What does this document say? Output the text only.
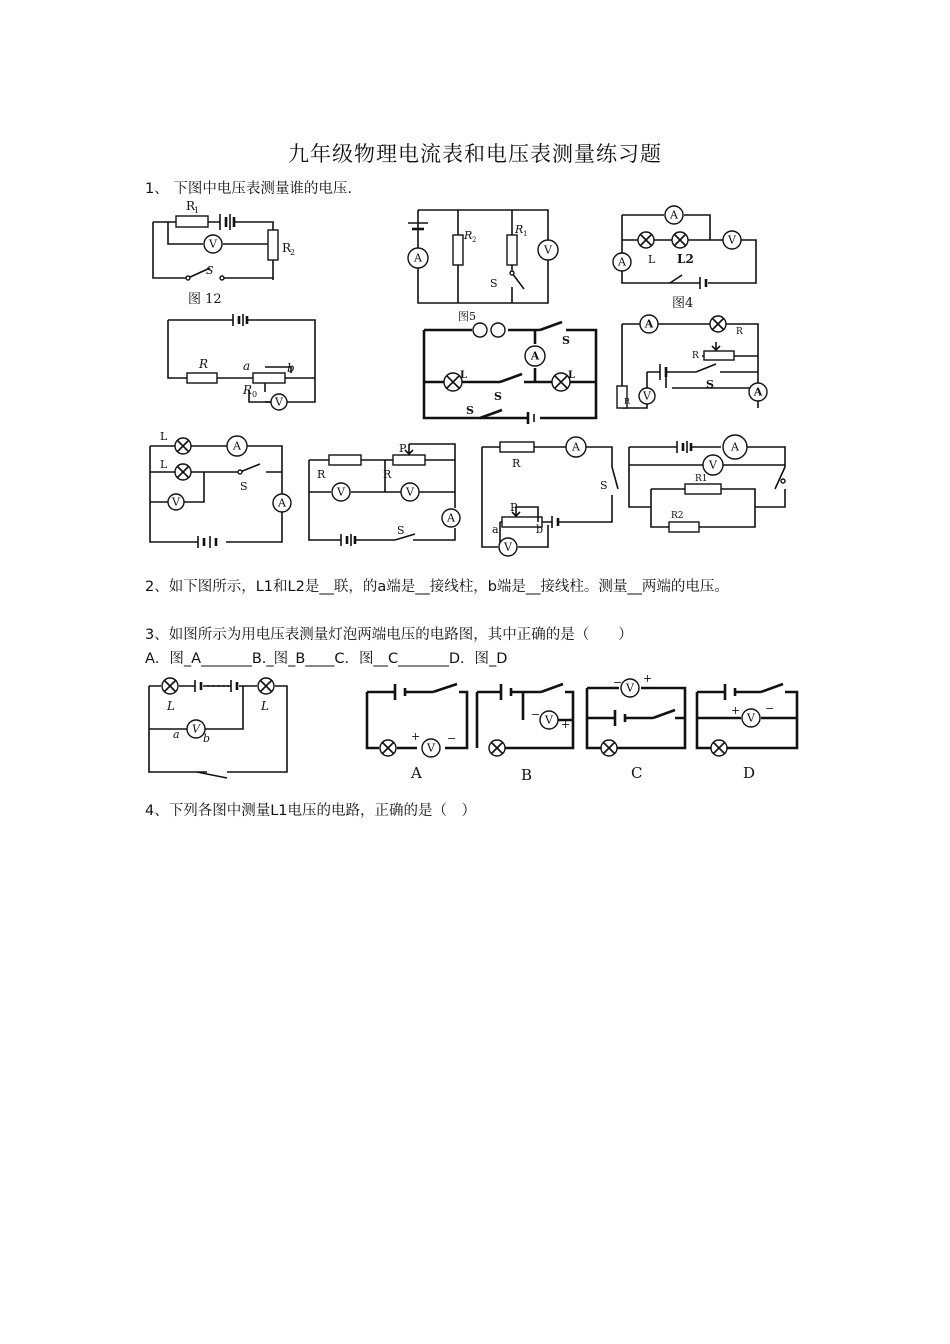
九年级物理电流表和电压表测量练习题
1、 下图中电压表测量谁的电压.
V
R
1
R
2
S
图 12
A
V
R 2
R 1
S
图5
A
V
A L L2
图4
V
R	a	b
R 0
A
L	L
S
S
S
A
V	A
R
R
S
R
A
V	A
L
L
S	V	V
A
P
R	R
S
A
V
R
S
P
a	b
A
V
R1
R2
2、如下图所示，L1和L2是__联，的a端是__接线柱，b端是__接线柱。测量__两端的电压。
3、如图所示为用电压表测量灯泡两端电压的电路图，其中正确的是（　　）
A．图_A_______B._图_B____C．图__C_______D．图_D
V
L	L
a b
V
+ −
A
V
−
+
B
V
− +
C
V
+ −
D
4、下列各图中测量L1电压的电路，正确的是（　）
